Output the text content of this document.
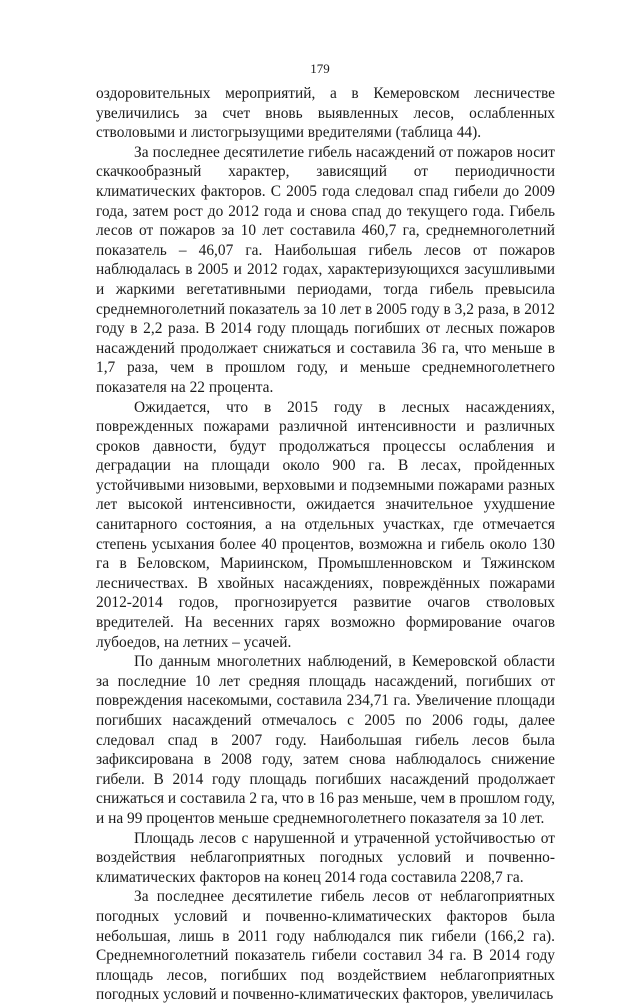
179

оздоровительных мероприятий, а в Кемеровском лесничестве увеличились за счет вновь выявленных лесов, ослабленных стволовыми и листогрызущими вредителями (таблица 44).

За последнее десятилетие гибель насаждений от пожаров носит скачкообразный характер, зависящий от периодичности климатических факторов. С 2005 года следовал спад гибели до 2009 года, затем рост до 2012 года и снова спад до текущего года. Гибель лесов от пожаров за 10 лет составила 460,7 га, среднемноголетний показатель – 46,07 га. Наибольшая гибель лесов от пожаров наблюдалась в 2005 и 2012 годах, характеризующихся засушливыми и жаркими вегетативными периодами, тогда гибель превысила среднемноголетний показатель за 10 лет в 2005 году в 3,2 раза, в 2012 году в 2,2 раза. В 2014 году площадь погибших от лесных пожаров насаждений продолжает снижаться и составила 36 га, что меньше в 1,7 раза, чем в прошлом году, и меньше среднемноголетнего показателя на 22 процента.

Ожидается, что в 2015 году в лесных насаждениях, поврежденных пожарами различной интенсивности и различных сроков давности, будут продолжаться процессы ослабления и деградации на площади около 900 га. В лесах, пройденных устойчивыми низовыми, верховыми и подземными пожарами разных лет высокой интенсивности, ожидается значительное ухудшение санитарного состояния, а на отдельных участках, где отмечается степень усыхания более 40 процентов, возможна и гибель около 130 га в Беловском, Мариинском, Промышленновском и Тяжинском лесничествах. В хвойных насаждениях, повреждённых пожарами 2012-2014 годов, прогнозируется развитие очагов стволовых вредителей. На весенних гарях возможно формирование очагов лубоедов, на летних – усачей.

По данным многолетних наблюдений, в Кемеровской области за последние 10 лет средняя площадь насаждений, погибших от повреждения насекомыми, составила 234,71 га. Увеличение площади погибших насаждений отмечалось с 2005 по 2006 годы, далее следовал спад в 2007 году. Наибольшая гибель лесов была зафиксирована в 2008 году, затем снова наблюдалось снижение гибели. В 2014 году площадь погибших насаждений продолжает снижаться и составила 2 га, что в 16 раз меньше, чем в прошлом году, и на 99 процентов меньше среднемноголетнего показателя за 10 лет.

Площадь лесов с нарушенной и утраченной устойчивостью от воздействия неблагоприятных погодных условий и почвенно-климатических факторов на конец 2014 года составила 2208,7 га.

За последнее десятилетие гибель лесов от неблагоприятных погодных условий и почвенно-климатических факторов была небольшая, лишь в 2011 году наблюдался пик гибели (166,2 га). Среднемноголетний показатель гибели составил 34 га. В 2014 году площадь лесов, погибших под воздействием неблагоприятных погодных условий и почвенно-климатических факторов, увеличилась
